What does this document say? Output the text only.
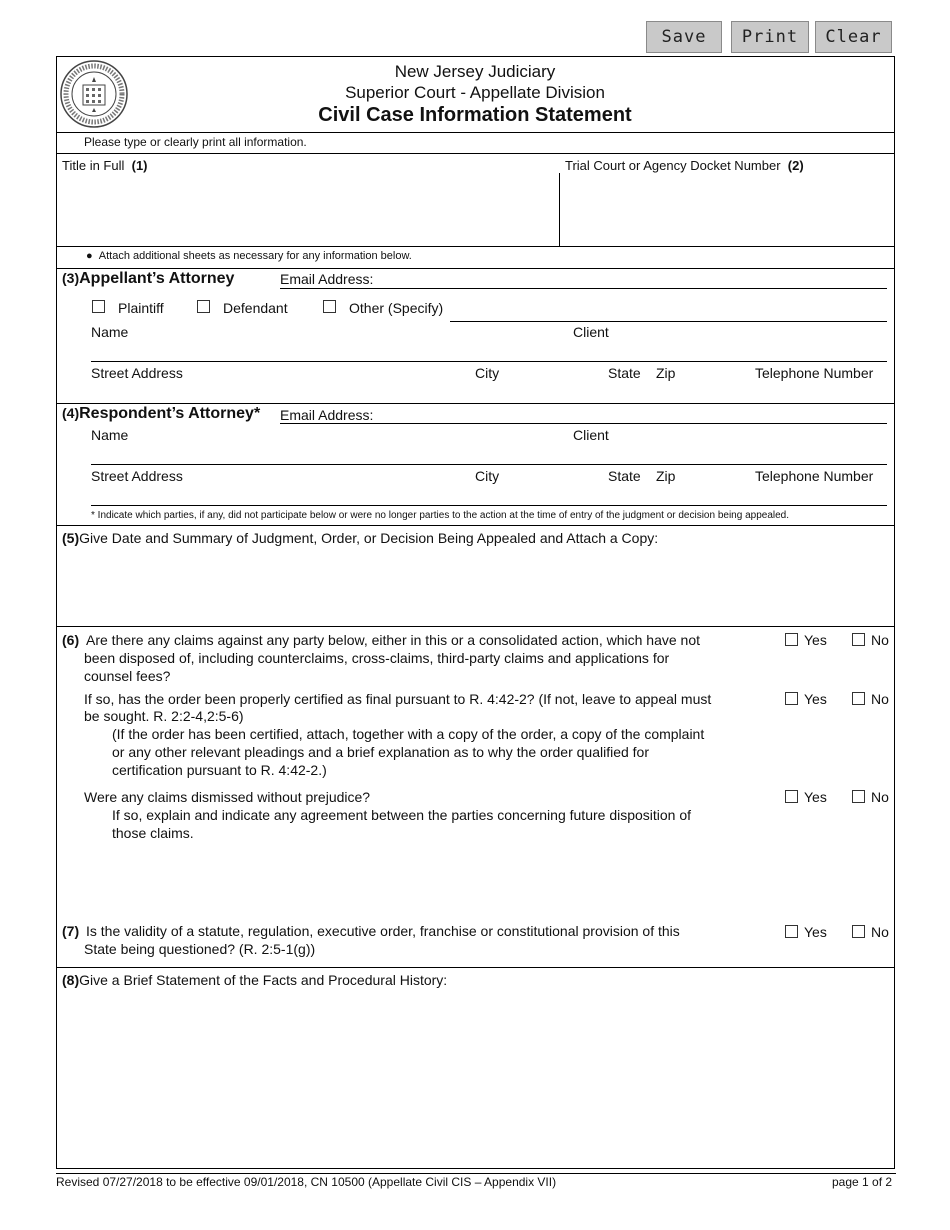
Save	Print	Clear
New Jersey Judiciary
Superior Court - Appellate Division
Civil Case Information Statement
Please type or clearly print all information.
Title in Full (1)	Trial Court or Agency Docket Number (2)
●  Attach additional sheets as necessary for any information below.
(3)Appellant’s Attorney	Email Address:
Plaintiff	Defendant	Other (Specify)
Name	Client
Street Address	City	State Zip	Telephone Number
(4)Respondent’s Attorney* Email Address:
Name	Client
Street Address	City	State Zip	Telephone Number
* Indicate which parties, if any, did not participate below or were no longer parties to the action at the time of entry of the judgment or decision being appealed.
(5)Give Date and Summary of Judgment, Order, or Decision Being Appealed and Attach a Copy:
(6) Are there any claims against any party below, either in this or a consolidated action, which have not
been disposed of, including counterclaims, cross-claims, third-party claims and applications for
counsel fees?
Yes	No
If so, has the order been properly certified as final pursuant to R. 4:42-2? (If not, leave to appeal must
be sought. R. 2:2-4,2:5-6)
(If the order has been certified, attach, together with a copy of the order, a copy of the complaint
or any other relevant pleadings and a brief explanation as to why the order qualified for
certification pursuant to R. 4:42-2.)
Yes	No
Were any claims dismissed without prejudice?
If so, explain and indicate any agreement between the parties concerning future disposition of
those claims.
Yes	No
(7) Is the validity of a statute, regulation, executive order, franchise or constitutional provision of this
State being questioned? (R. 2:5-1(g))
Yes	No
(8)Give a Brief Statement of the Facts and Procedural History:
Revised 07/27/2018 to be effective 09/01/2018, CN 10500 (Appellate Civil CIS – Appendix VII)	page 1 of 2
